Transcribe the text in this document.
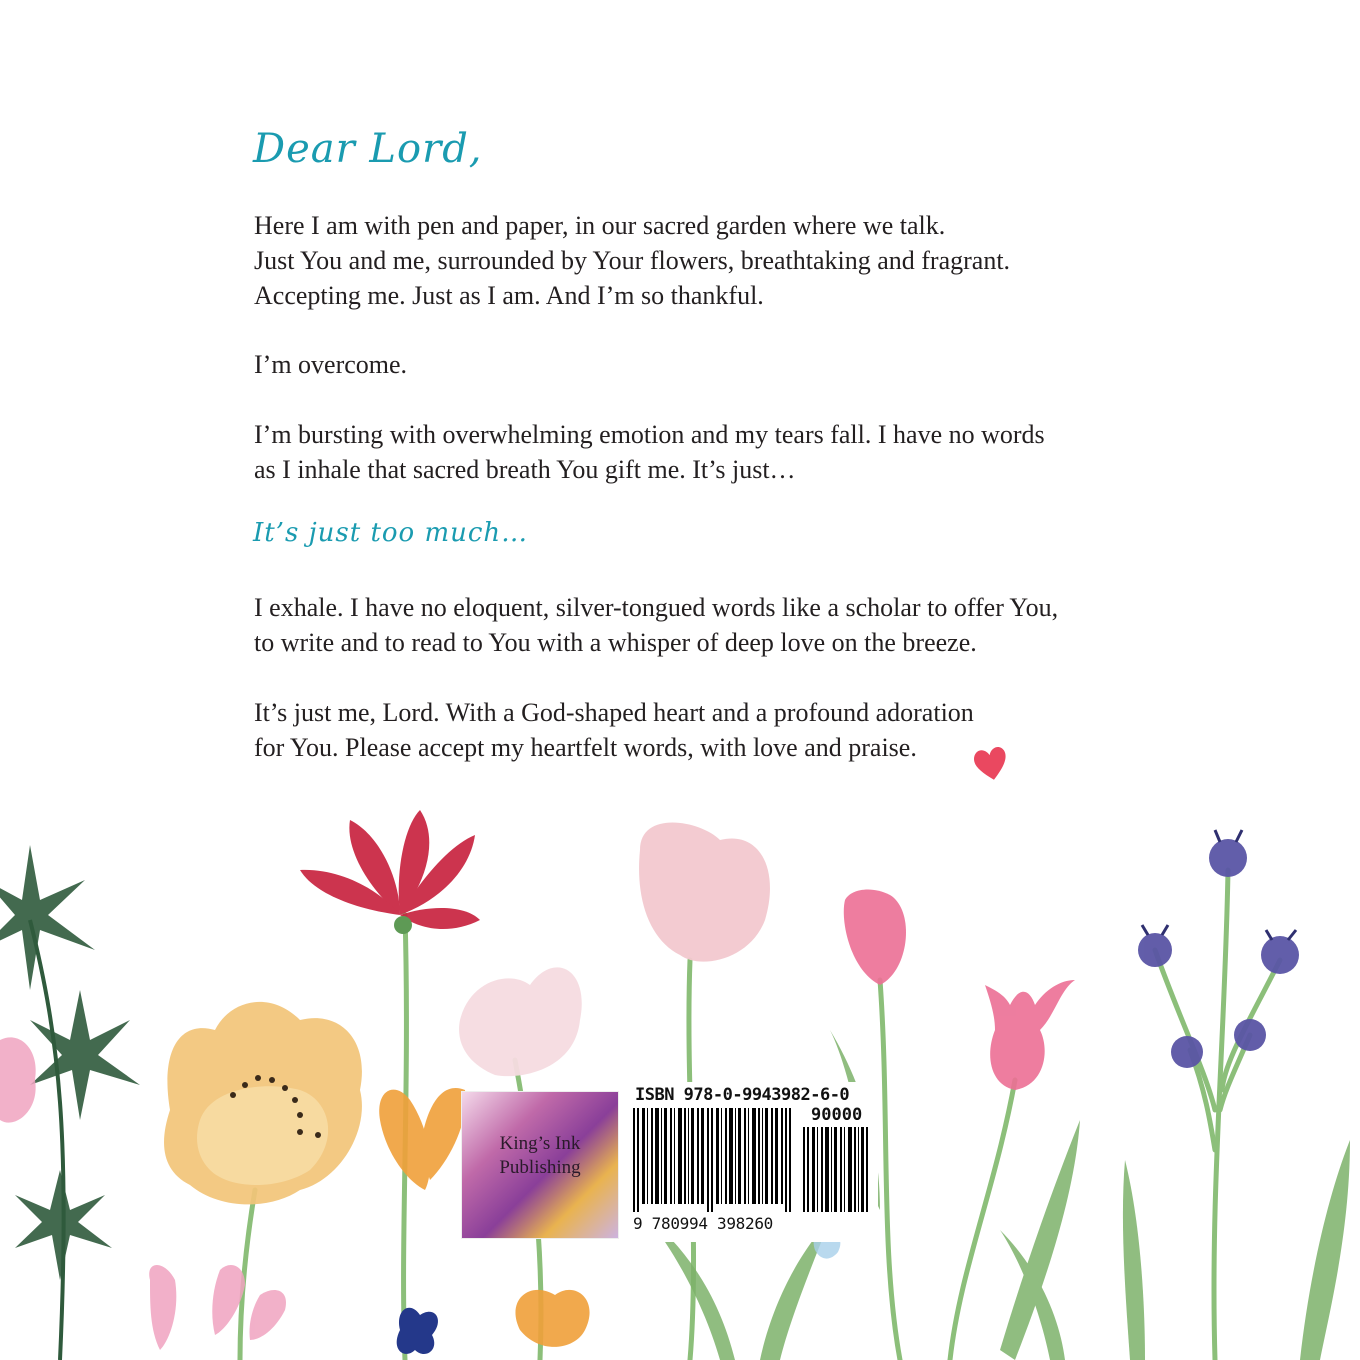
Dear Lord,
Here I am with pen and paper, in our sacred garden where we talk.
Just You and me, surrounded by Your flowers, breathtaking and fragrant.
Accepting me. Just as I am. And I’m so thankful.
I’m overcome.
I’m bursting with overwhelming emotion and my tears fall. I have no words
as I inhale that sacred breath You gift me. It’s just…
It’s just too much…
I exhale. I have no eloquent, silver-tongued words like a scholar to offer You,
to write and to read to You with a whisper of deep love on the breeze.
It’s just me, Lord. With a God-shaped heart and a profound adoration
for You. Please accept my heartfelt words, with love and praise.
King’s Ink
Publishing
ISBN 978-0-9943982-6-0
90000
9 780994 398260
